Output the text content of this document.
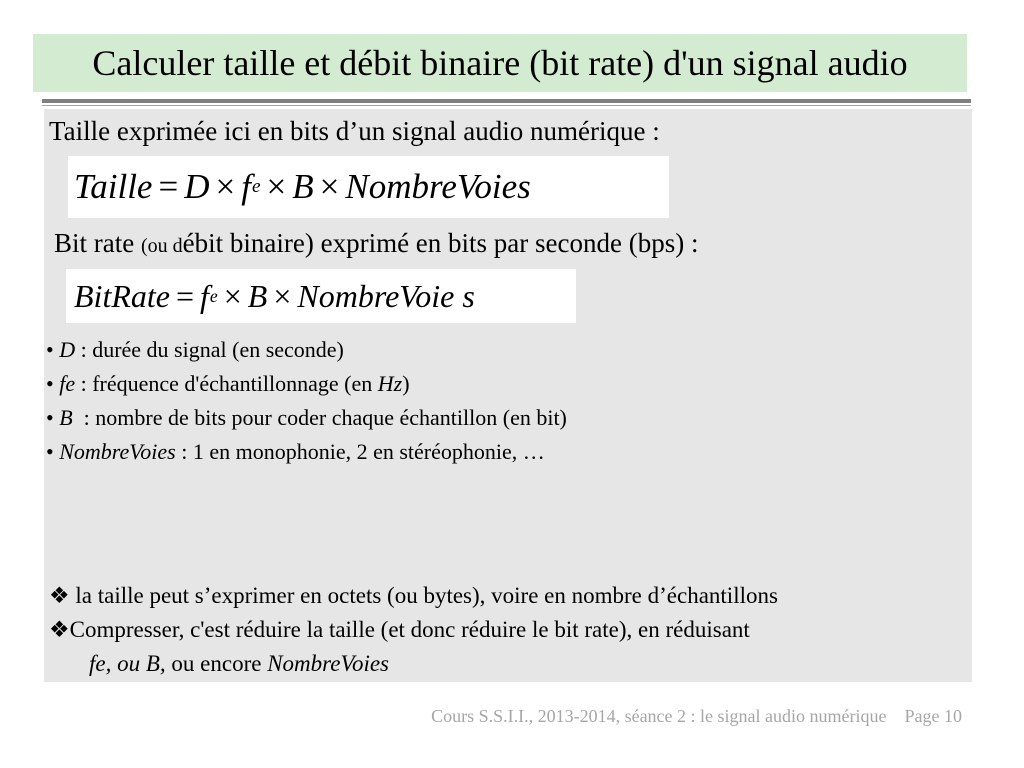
Calculer taille et débit binaire (bit rate) d'un signal audio
Taille exprimée ici en bits d’un signal audio numérique :
Taille = D × f e × B × NombreVoies
Bit rate (ou débit binaire) exprimé en bits par seconde (bps) :
BitRate = f e × B × NombreVoie s
• D : durée du signal (en seconde)
• fe : fréquence d'échantillonnage (en Hz)
• B  : nombre de bits pour coder chaque échantillon (en bit)
• NombreVoies : 1 en monophonie, 2 en stéréophonie, …
❖ la taille peut s’exprimer en octets (ou bytes), voire en nombre d’échantillons
❖Compresser, c'est réduire la taille (et donc réduire le bit rate), en réduisant
fe, ou B, ou encore NombreVoies
Cours S.S.I.I., 2013-2014, séance 2 : le signal audio numérique Page 10
